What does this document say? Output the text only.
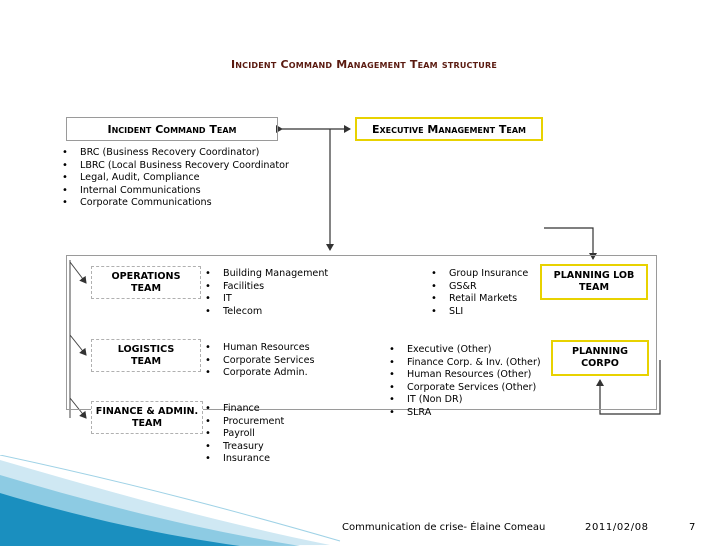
Incident Command Management Team structure
Incident Command Team	Executive Management Team
• BRC (Business Recovery Coordinator)
• LBRC (Local Business Recovery Coordinator
• Legal, Audit, Compliance
• Internal Communications
• Corporate Communications
OPERATIONS
TEAM
• Building Management
• Facilities
• IT
• Telecom
LOGISTICS
TEAM
• Human Resources
• Corporate Services
• Corporate Admin.
FINANCE & ADMIN.
TEAM
• Finance
• Procurement
• Payroll
• Treasury
• Insurance
• Group Insurance
• GS&R
• Retail Markets
• SLI
PLANNING LOB
TEAM
• Executive (Other)
• Finance Corp. & Inv. (Other)
• Human Resources (Other)
• Corporate Services (Other)
• IT (Non DR)
• SLRA
PLANNING
CORPO
Communication de crise- Élaine Comeau	2011/02/08	7
